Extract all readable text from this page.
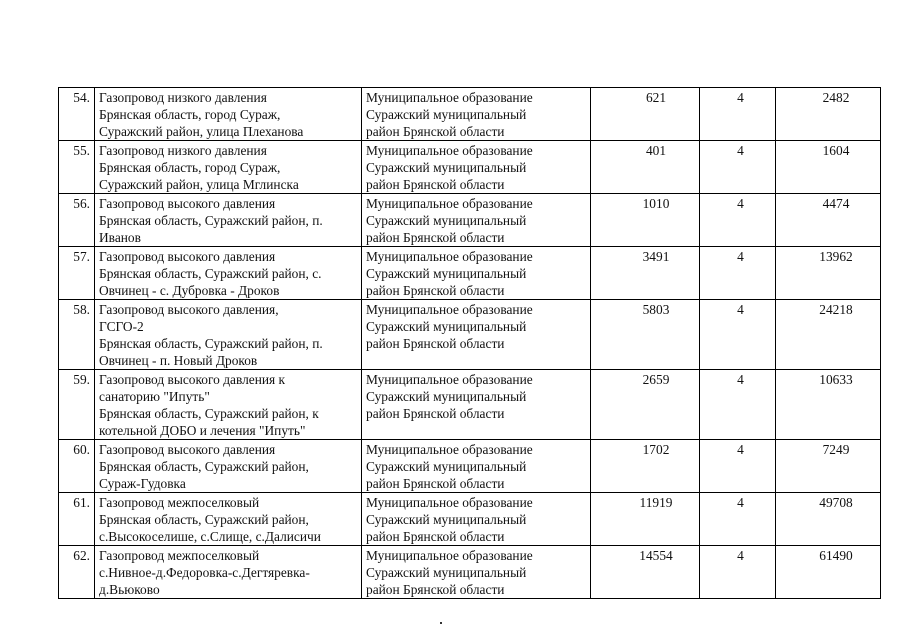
54.	Газопровод низкого давления
Брянская область, город Сураж,
Суражский район, улица Плеханова	Муниципальное образование
Суражский муниципальный
район Брянской области	621	4	2482

55.	Газопровод низкого давления
Брянская область, город Сураж,
Суражский район, улица Мглинска	Муниципальное образование
Суражский муниципальный
район Брянской области	401	4	1604

56.	Газопровод высокого давления
Брянская область, Суражский район, п.
Иванов	Муниципальное образование
Суражский муниципальный
район Брянской области	1010	4	4474

57.	Газопровод высокого давления
Брянская область, Суражский район, с.
Овчинец - с. Дубровка - Дроков	Муниципальное образование
Суражский муниципальный
район Брянской области	3491	4	13962

58.	Газопровод высокого давления,
ГСГО-2
Брянская область, Суражский район, п.
Овчинец - п. Новый Дроков	Муниципальное образование
Суражский муниципальный
район Брянской области	5803	4	24218

59.	Газопровод высокого давления к
санаторию "Ипуть"
Брянская область, Суражский район, к
котельной ДОБО и лечения "Ипуть"	Муниципальное образование
Суражский муниципальный
район Брянской области	2659	4	10633

60.	Газопровод высокого давления
Брянская область, Суражский район,
Сураж-Гудовка	Муниципальное образование
Суражский муниципальный
район Брянской области	1702	4	7249

61.	Газопровод межпоселковый
Брянская область, Суражский район,
с.Высокоселише, с.Слище, с.Далисичи	Муниципальное образование
Суражский муниципальный
район Брянской области	11919	4	49708

62.	Газопровод межпоселковый
с.Нивное-д.Федоровка-с.Дегтяревка-
д.Вьюково	Муниципальное образование
Суражский муниципальный
район Брянской области	14554	4	61490
